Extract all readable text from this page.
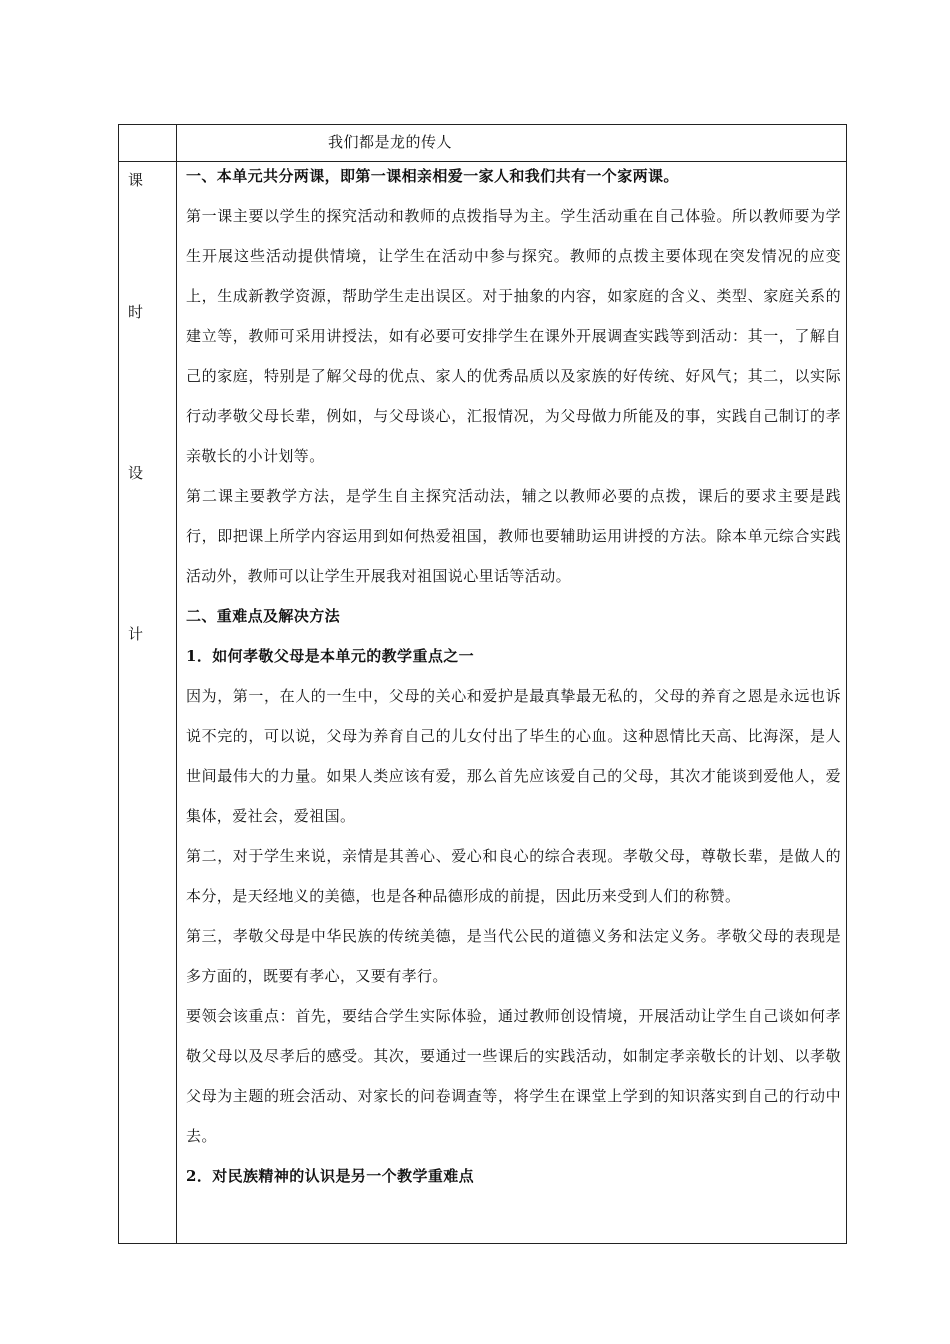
我们都是龙的传人
课
时
设
计

一、本单元共分两课，即第一课相亲相爱一家人和我们共有一个家两课。

第一课主要以学生的探究活动和教师的点拨指导为主。学生活动重在自己体验。所以教师要为学生开展这些活动提供情境，让学生在活动中参与探究。教师的点拨主要体现在突发情况的应变上，生成新教学资源，帮助学生走出误区。对于抽象的内容，如家庭的含义、类型、家庭关系的建立等，教师可采用讲授法，如有必要可安排学生在课外开展调查实践等到活动：其一，了解自己的家庭，特别是了解父母的优点、家人的优秀品质以及家族的好传统、好风气；其二，以实际行动孝敬父母长辈，例如，与父母谈心，汇报情况，为父母做力所能及的事，实践自己制订的孝亲敬长的小计划等。

第二课主要教学方法，是学生自主探究活动法，辅之以教师必要的点拨，课后的要求主要是践行，即把课上所学内容运用到如何热爱祖国，教师也要辅助运用讲授的方法。除本单元综合实践活动外，教师可以让学生开展我对祖国说心里话等活动。

二、重难点及解决方法

1．如何孝敬父母是本单元的教学重点之一

因为，第一，在人的一生中，父母的关心和爱护是最真挚最无私的，父母的养育之恩是永远也诉说不完的，可以说，父母为养育自己的儿女付出了毕生的心血。这种恩情比天高、比海深，是人世间最伟大的力量。如果人类应该有爱，那么首先应该爱自己的父母，其次才能谈到爱他人，爱集体，爱社会，爱祖国。

第二，对于学生来说，亲情是其善心、爱心和良心的综合表现。孝敬父母，尊敬长辈，是做人的本分，是天经地义的美德，也是各种品德形成的前提，因此历来受到人们的称赞。

第三，孝敬父母是中华民族的传统美德，是当代公民的道德义务和法定义务。孝敬父母的表现是多方面的，既要有孝心，又要有孝行。

要领会该重点：首先，要结合学生实际体验，通过教师创设情境，开展活动让学生自己谈如何孝敬父母以及尽孝后的感受。其次，要通过一些课后的实践活动，如制定孝亲敬长的计划、以孝敬父母为主题的班会活动、对家长的问卷调查等，将学生在课堂上学到的知识落实到自己的行动中去。

2．对民族精神的认识是另一个教学重难点
